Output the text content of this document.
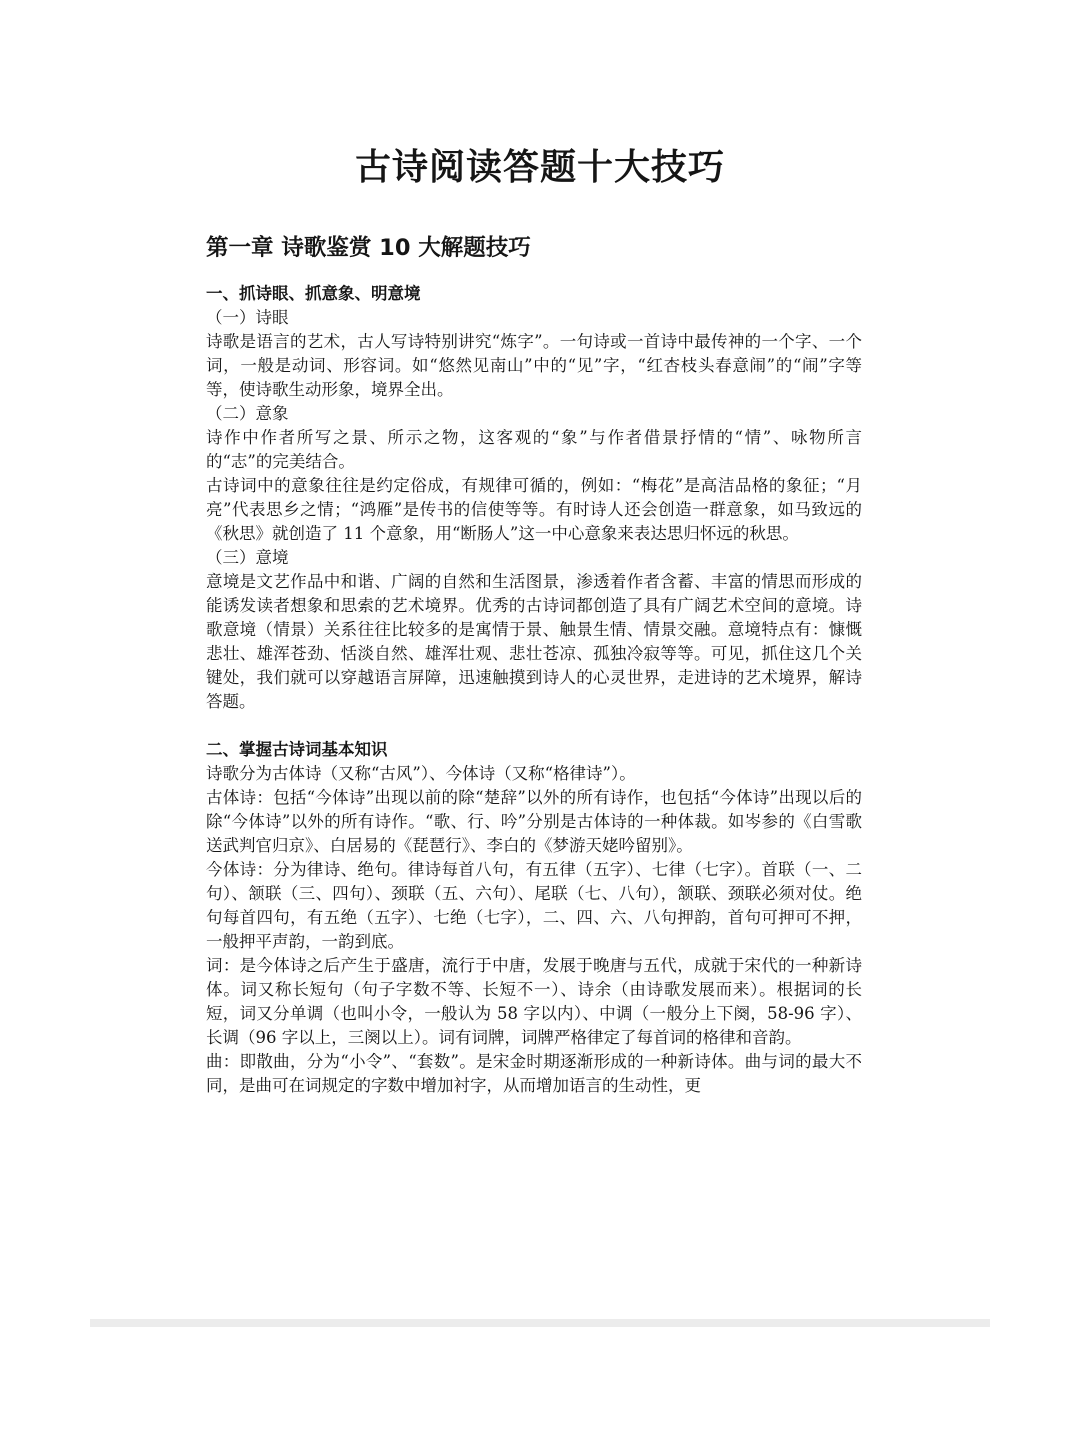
古诗阅读答题十大技巧
第一章 诗歌鉴赏 10 大解题技巧
一、抓诗眼、抓意象、明意境
（一）诗眼

诗歌是语言的艺术，古人写诗特别讲究“炼字”。一句诗或一首诗中最传神的一个字、一个词，一般是动词、形容词。如“悠然见南山”中的“见”字，“红杏枝头春意闹”的“闹”字等等，使诗歌生动形象，境界全出。

（二）意象

诗作中作者所写之景、所示之物，这客观的“象”与作者借景抒情的“情”、咏物所言的“志”的完美结合。

古诗词中的意象往往是约定俗成，有规律可循的，例如：“梅花”是高洁品格的象征；“月亮”代表思乡之情；“鸿雁”是传书的信使等等。有时诗人还会创造一群意象，如马致远的《秋思》就创造了 11 个意象，用“断肠人”这一中心意象来表达思归怀远的秋思。

（三）意境

意境是文艺作品中和谐、广阔的自然和生活图景，渗透着作者含蓄、丰富的情思而形成的能诱发读者想象和思索的艺术境界。优秀的古诗词都创造了具有广阔艺术空间的意境。诗歌意境（情景）关系往往比较多的是寓情于景、触景生情、情景交融。意境特点有：慷慨悲壮、雄浑苍劲、恬淡自然、雄浑壮观、悲壮苍凉、孤独冷寂等等。可见，抓住这几个关键处，我们就可以穿越语言屏障，迅速触摸到诗人的心灵世界，走进诗的艺术境界，解诗答题。

二、掌握古诗词基本知识

诗歌分为古体诗（又称“古风”）、今体诗（又称“格律诗”）。

古体诗：包括“今体诗”出现以前的除“楚辞”以外的所有诗作，也包括“今体诗”出现以后的除“今体诗”以外的所有诗作。“歌、行、吟”分别是古体诗的一种体裁。如岑参的《白雪歌送武判官归京》、白居易的《琵琶行》、李白的《梦游天姥吟留别》。

今体诗：分为律诗、绝句。律诗每首八句，有五律（五字）、七律（七字）。首联（一、二句）、颔联（三、四句）、颈联（五、六句）、尾联（七、八句），颔联、颈联必须对仗。绝句每首四句，有五绝（五字）、七绝（七字），二、四、六、八句押韵，首句可押可不押，一般押平声韵，一韵到底。

词：是今体诗之后产生于盛唐，流行于中唐，发展于晚唐与五代，成就于宋代的一种新诗体。词又称长短句（句子字数不等、长短不一）、诗余（由诗歌发展而来）。根据词的长短，词又分单调（也叫小令，一般认为 58 字以内）、中调（一般分上下阕，58-96 字）、长调（96 字以上，三阕以上）。词有词牌，词牌严格律定了每首词的格律和音韵。

曲：即散曲，分为“小令”、“套数”。是宋金时期逐渐形成的一种新诗体。曲与词的最大不同，是曲可在词规定的字数中增加衬字，从而增加语言的生动性，更
